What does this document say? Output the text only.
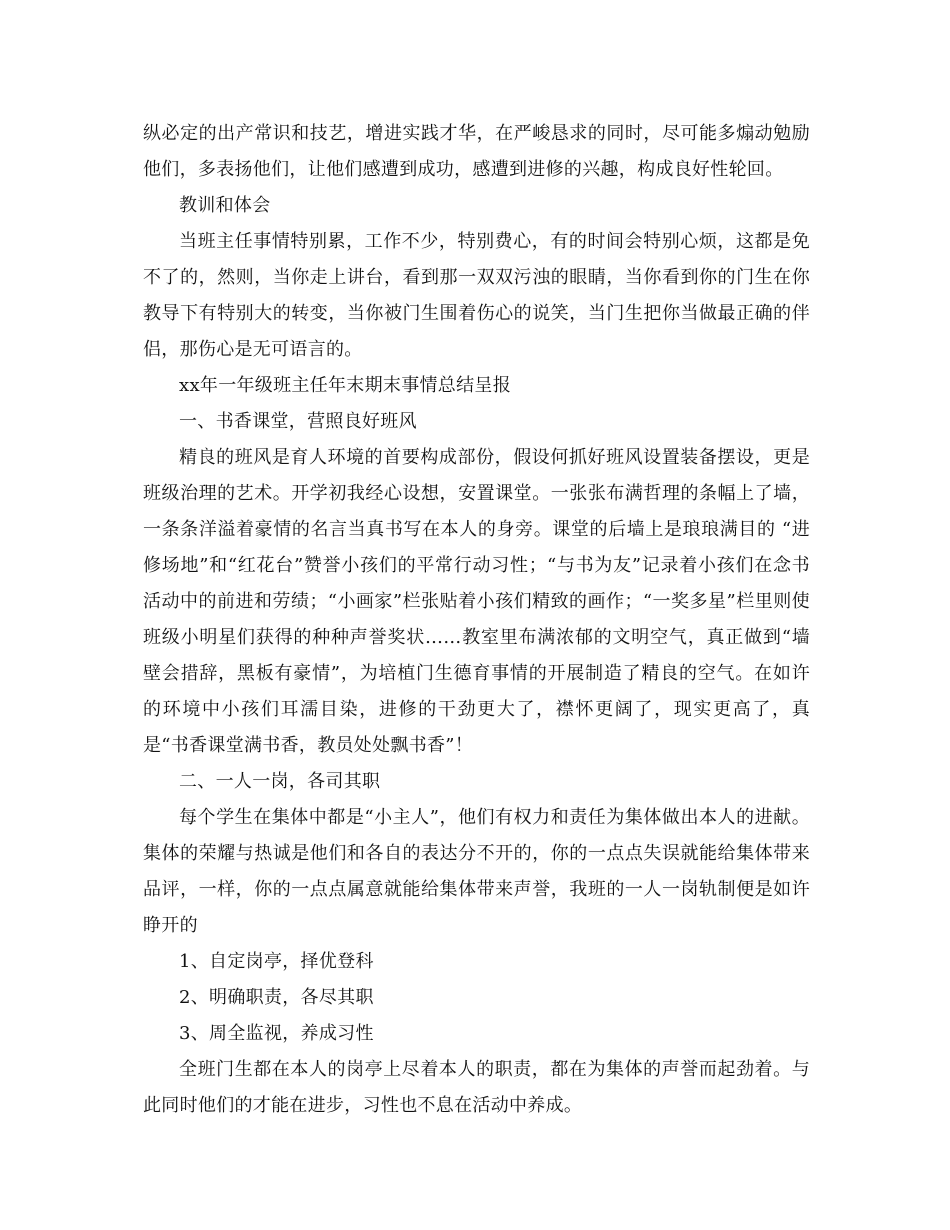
纵必定的出产常识和技艺，增进实践才华，在严峻恳求的同时，尽可能多煽动勉励他们，多表扬他们，让他们感遭到成功，感遭到进修的兴趣，构成良好性轮回。

教训和体会

当班主任事情特别累，工作不少，特别费心，有的时间会特别心烦，这都是免不了的，然则，当你走上讲台，看到那一双双污浊的眼睛，当你看到你的门生在你教导下有特别大的转变，当你被门生围着伤心的说笑，当门生把你当做最正确的伴侣，那伤心是无可语言的。

xx年一年级班主任年末期末事情总结呈报

一、书香课堂，营照良好班风

精良的班风是育人环境的首要构成部份，假设何抓好班风设置装备摆设，更是班级治理的艺术。开学初我经心设想，安置课堂。一张张布满哲理的条幅上了墙，一条条洋溢着豪情的名言当真书写在本人的身旁。课堂的后墙上是琅琅满目的 “进修场地”和“红花台”赞誉小孩们的平常行动习性；“与书为友”记录着小孩们在念书活动中的前进和劳绩；“小画家”栏张贴着小孩们精致的画作；“一奖多星”栏里则使班级小明星们获得的种种声誉奖状……教室里布满浓郁的文明空气，真正做到“墙壁会措辞，黑板有豪情”，为培植门生德育事情的开展制造了精良的空气。在如许的环境中小孩们耳濡目染，进修的干劲更大了，襟怀更阔了，现实更高了，真是“书香课堂满书香，教员处处飘书香”！

二、一人一岗，各司其职

每个学生在集体中都是“小主人”，他们有权力和责任为集体做出本人的进献。集体的荣耀与热诚是他们和各自的表达分不开的，你的一点点失误就能给集体带来品评，一样，你的一点点属意就能给集体带来声誉，我班的一人一岗轨制便是如许睁开的

1、自定岗亭，择优登科

2、明确职责，各尽其职

3、周全监视，养成习性

全班门生都在本人的岗亭上尽着本人的职责，都在为集体的声誉而起劲着。与此同时他们的才能在进步，习性也不息在活动中养成。
